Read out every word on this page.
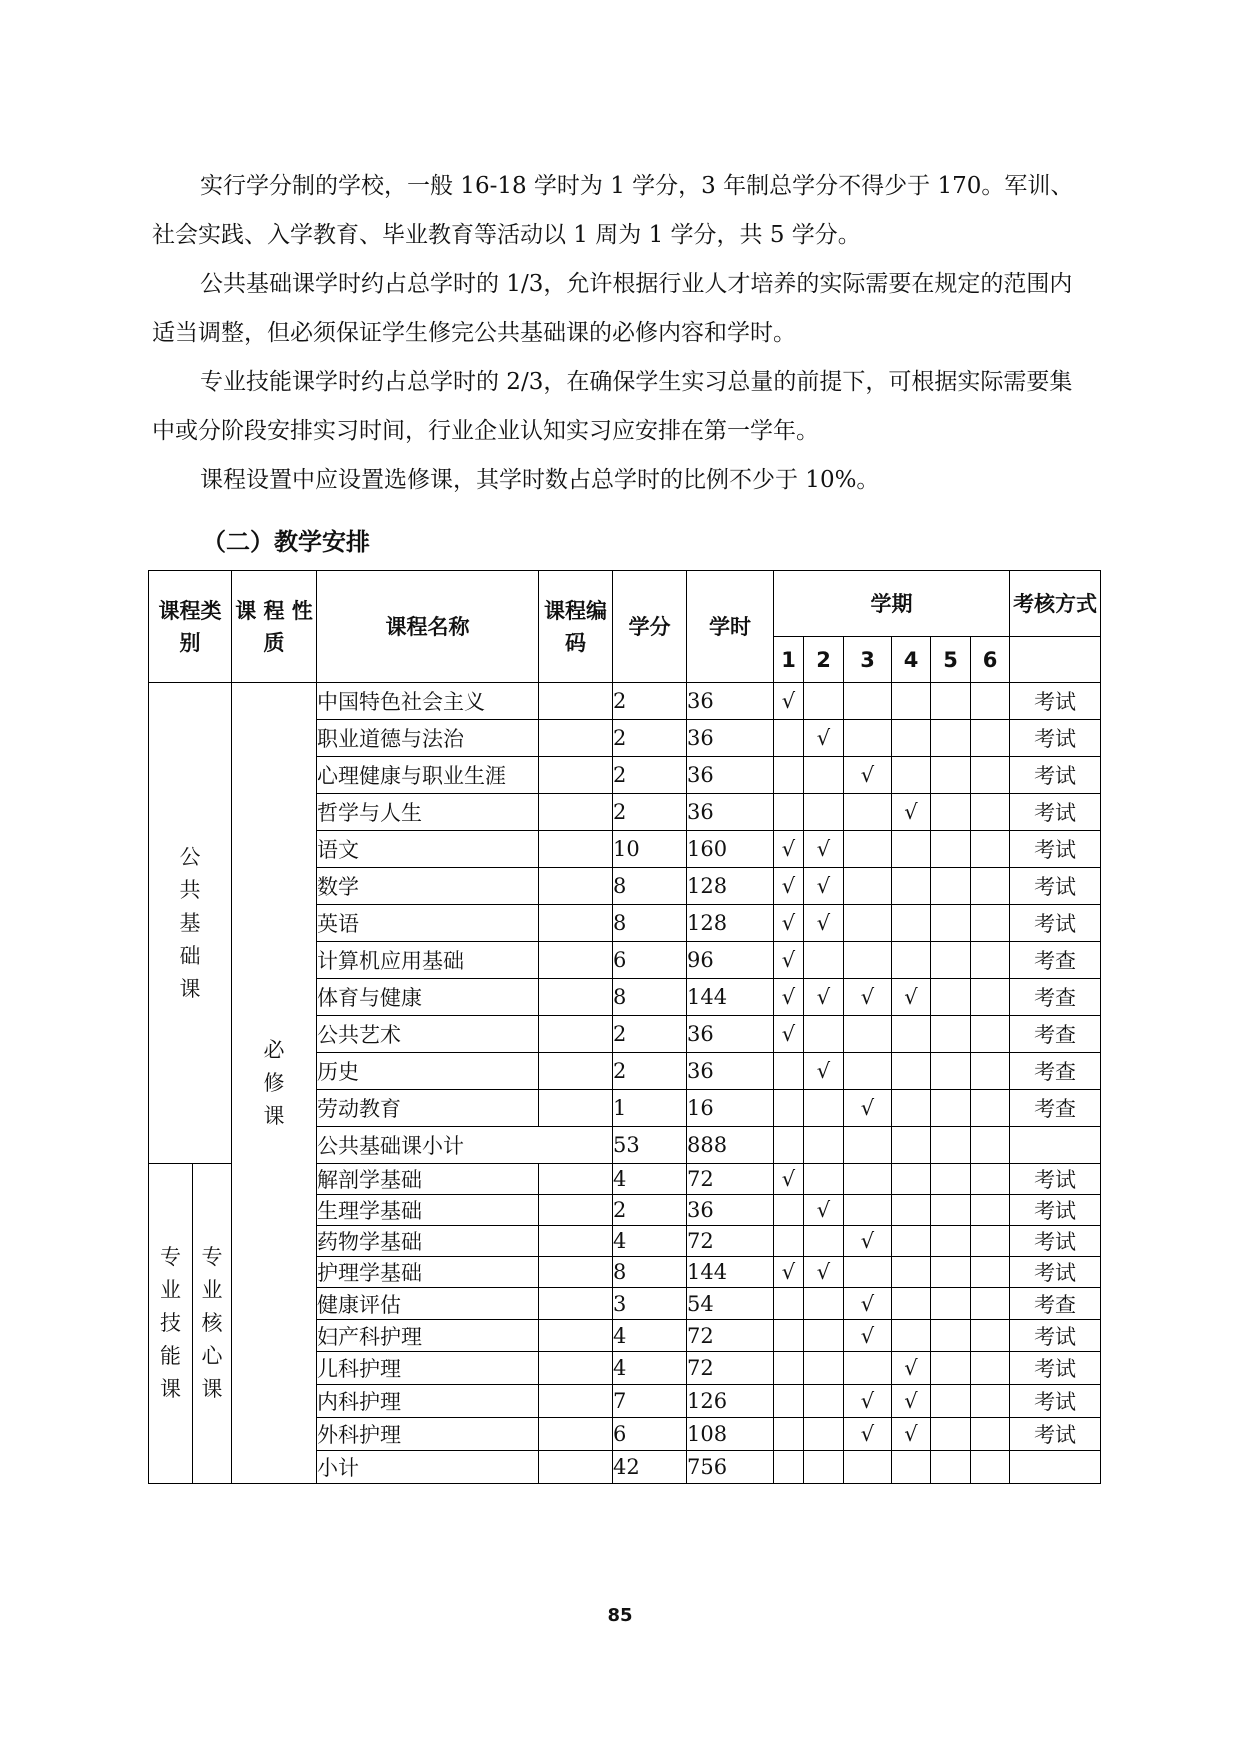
实行学分制的学校，一般 16-18 学时为 1 学分，3 年制总学分不得少于 170。军训、社会实践、入学教育、毕业教育等活动以 1 周为 1 学分，共 5 学分。

公共基础课学时约占总学时的 1/3，允许根据行业人才培养的实际需要在规定的范围内适当调整，但必须保证学生修完公共基础课的必修内容和学时。

专业技能课学时约占总学时的 2/3，在确保学生实习总量的前提下，可根据实际需要集中或分阶段安排实习时间，行业企业认知实习应安排在第一学年。

课程设置中应设置选修课，其学时数占总学时的比例不少于 10%。

（二）教学安排

课程类别		课 程 性质	课程名称	课程编码	学分	学时	学期						考核方式
							1	2	3	4	5	6	

公
共
基
础
课		必
修
课	中国特色社会主义		2	36	√						考试
			职业道德与法治		2	36		√					考试
			心理健康与职业生涯		2	36			√				考试
			哲学与人生		2	36				√			考试
			语文		10	160	√	√					考试
			数学		8	128	√	√					考试
			英语		8	128	√	√					考试
			计算机应用基础		6	96	√						考查
			体育与健康		8	144	√	√	√	√			考查
			公共艺术		2	36	√						考查
			历史		2	36		√					考查
			劳动教育		1	16			√				考查
			公共基础课小计		53	888							

专
业
技
能
课	专
业
核
心
课		解剖学基础		4	72	√						考试
			生理学基础		2	36		√					考试
			药物学基础		4	72			√				考试
			护理学基础		8	144	√	√					考试
			健康评估		3	54			√				考查
			妇产科护理		4	72			√				考试
			儿科护理		4	72				√			考试
			内科护理		7	126			√	√			考试
			外科护理		6	108			√	√			考试
			小计		42	756							
85
